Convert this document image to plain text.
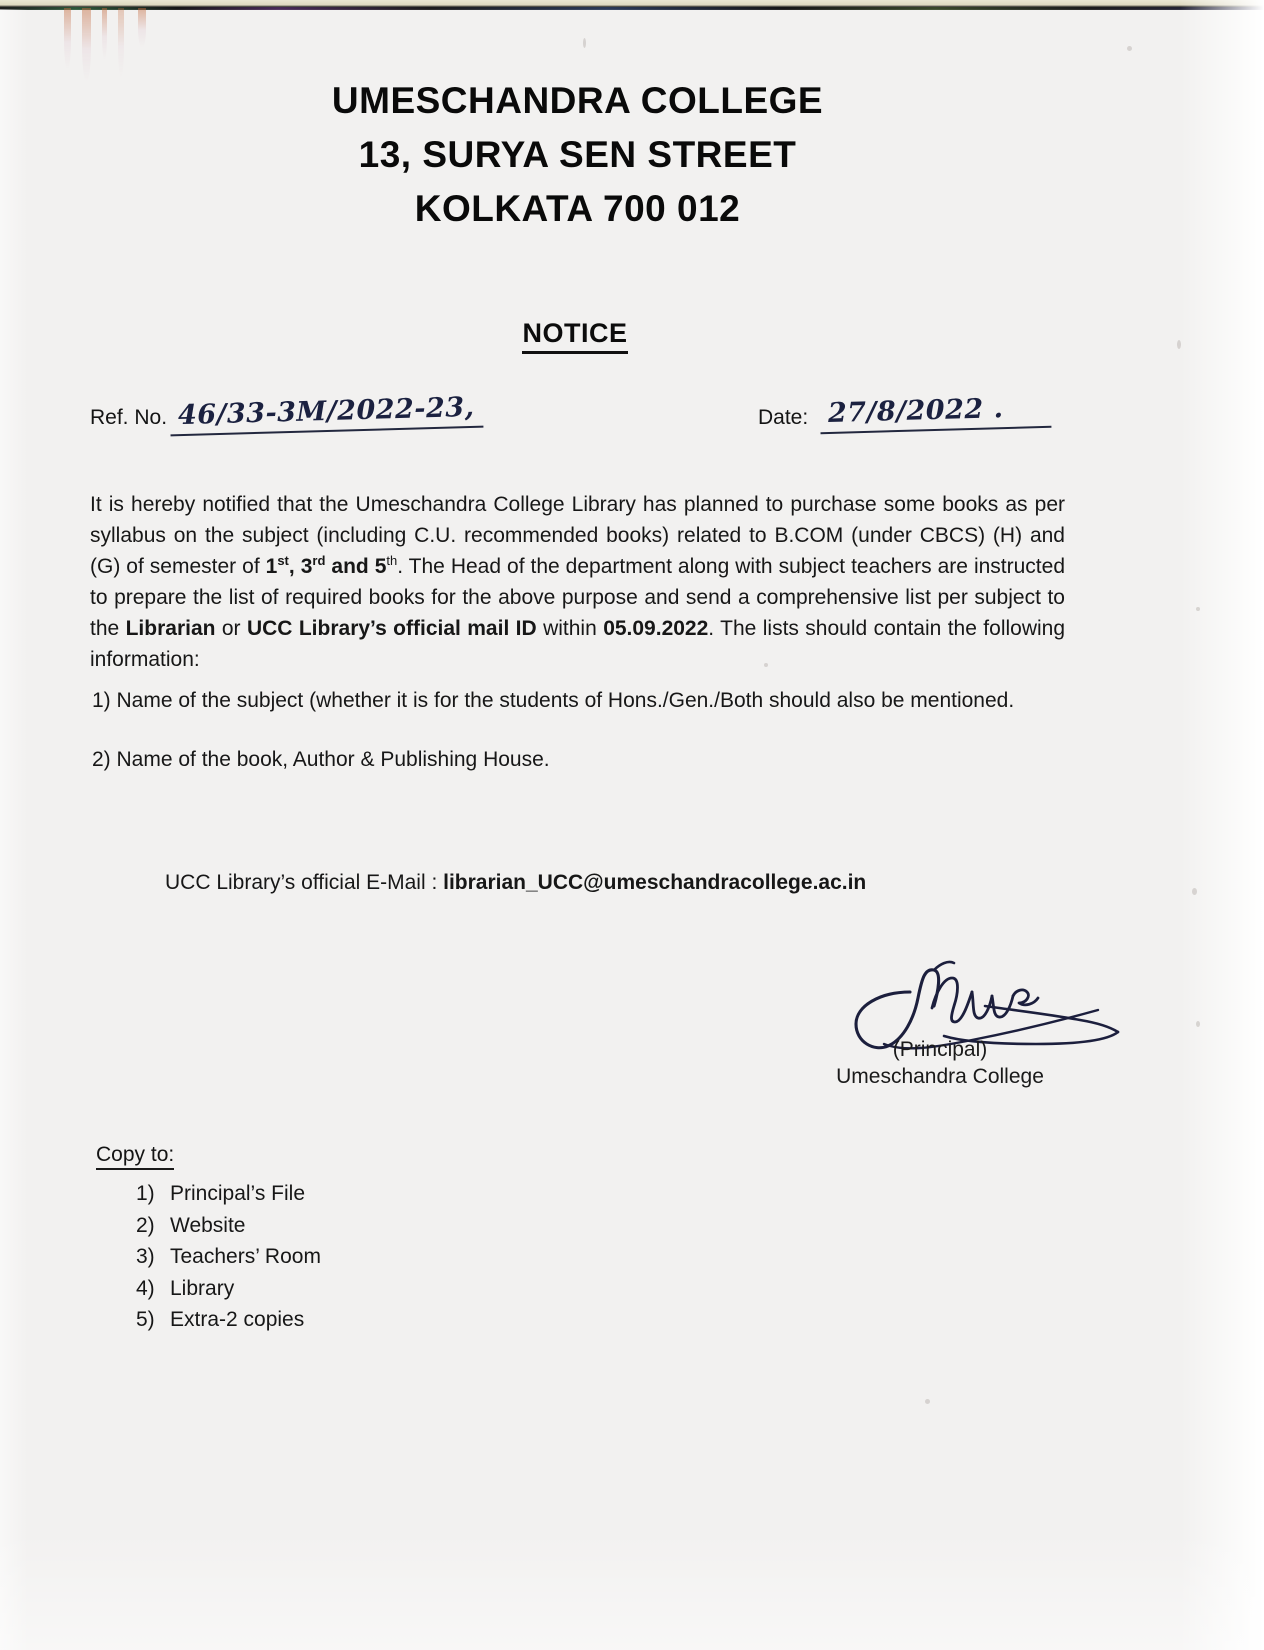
UMESCHANDRA COLLEGE
13, SURYA SEN STREET
KOLKATA 700 012
NOTICE
Ref. No. 46/33-3M/2022-23,	Date: 27/8/2022 .

It is hereby notified that the Umeschandra College Library has planned to purchase some books as per syllabus on the subject (including C.U. recommended books) related to B.COM (under CBCS) (H) and (G) of semester of 1st, 3rd and 5th. The Head of the department along with subject teachers are instructed to prepare the list of required books for the above purpose and send a comprehensive list per subject to the Librarian or UCC Library’s official mail ID within 05.09.2022. The lists should contain the following information:

1) Name of the subject (whether it is for the students of Hons./Gen./Both should also be mentioned.
2) Name of the book, Author & Publishing House.
UCC Library’s official E-Mail : librarian_UCC@umeschandracollege.ac.in
(Principal)
Umeschandra College
Copy to:
1) Principal’s File
2) Website
3) Teachers’ Room
4) Library
5) Extra-2 copies
